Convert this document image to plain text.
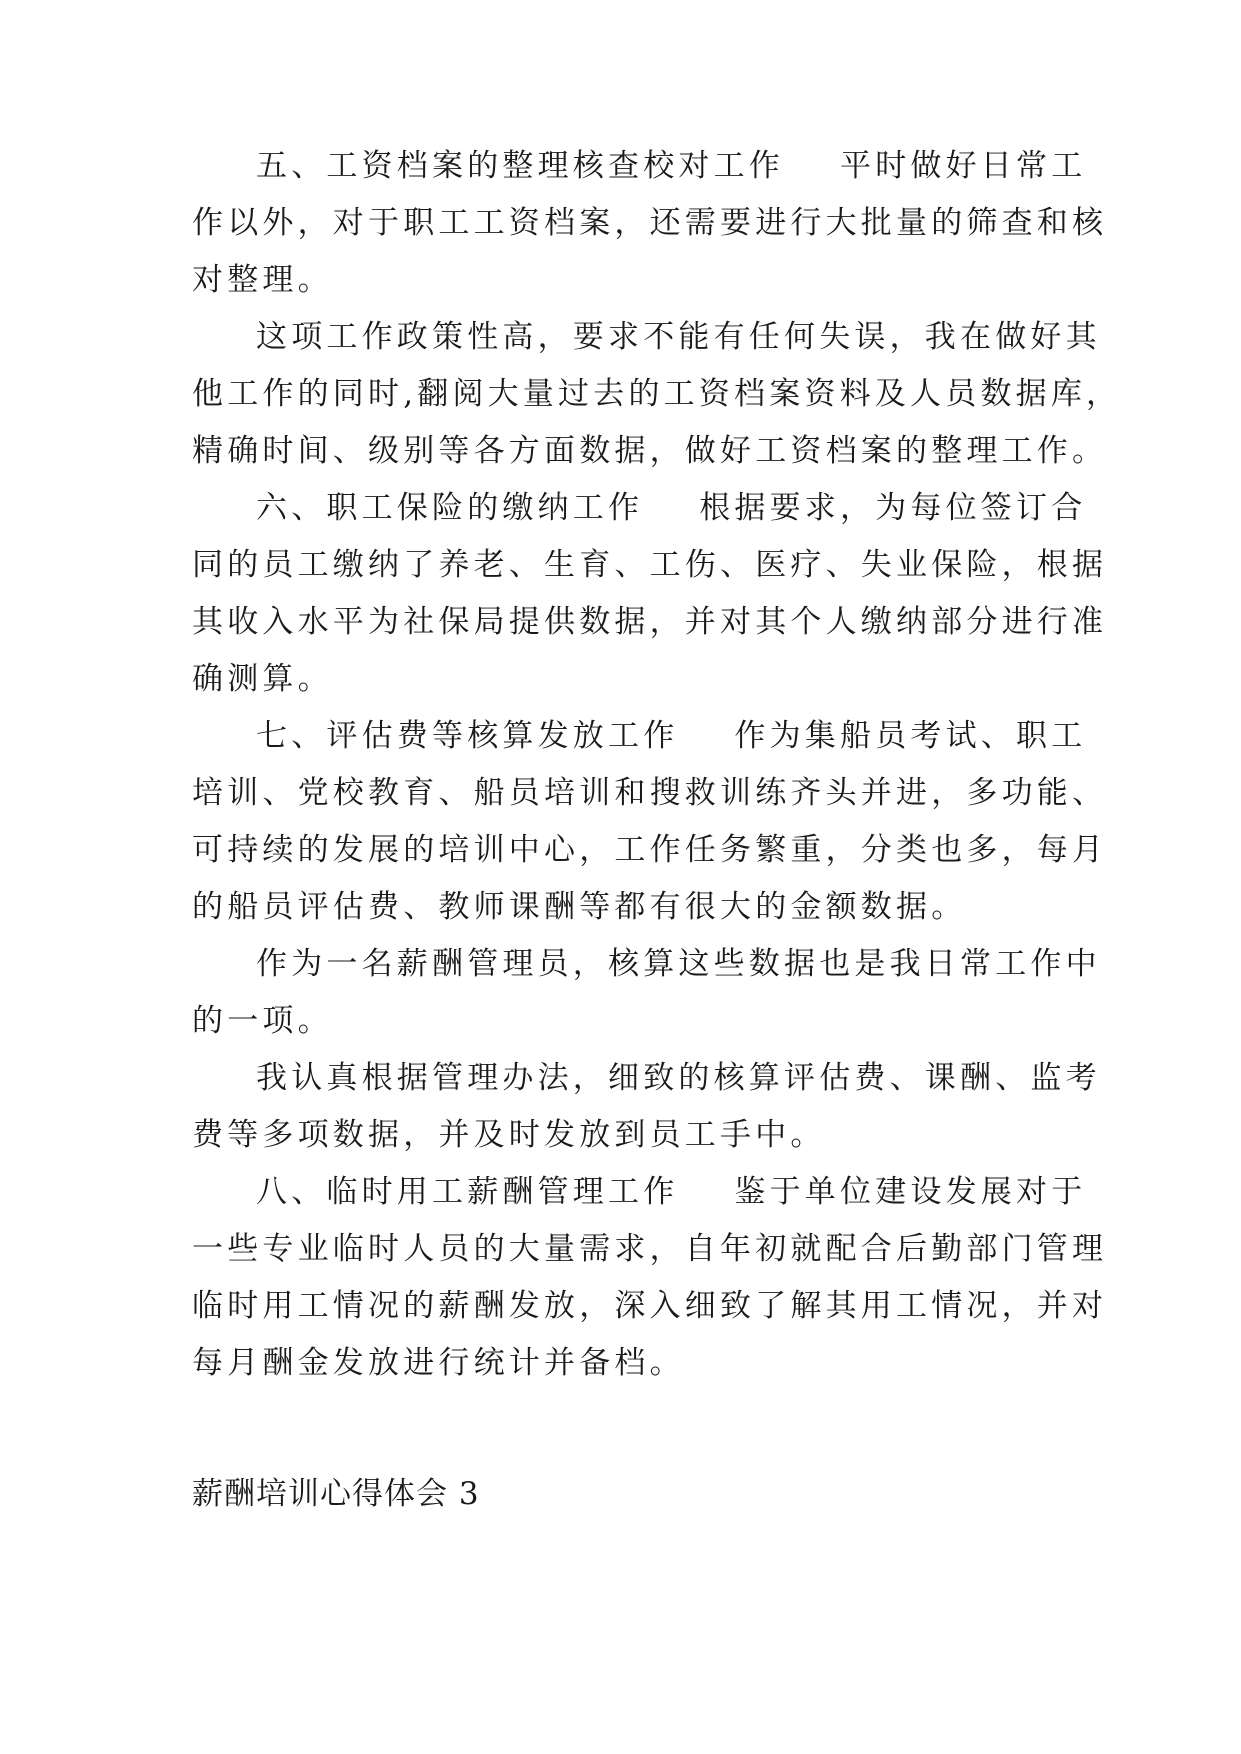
五、工资档案的整理核查校对工作 平时做好日常工
作以外，对于职工工资档案，还需要进行大批量的筛查和核
对整理。
这项工作政策性高，要求不能有任何失误，我在做好其
他工作的同时,翻阅大量过去的工资档案资料及人员数据库，
精确时间、级别等各方面数据，做好工资档案的整理工作。
六、职工保险的缴纳工作 根据要求，为每位签订合
同的员工缴纳了养老、生育、工伤、医疗、失业保险，根据
其收入水平为社保局提供数据，并对其个人缴纳部分进行准
确测算。
七、评估费等核算发放工作 作为集船员考试、职工
培训、党校教育、船员培训和搜救训练齐头并进，多功能、
可持续的发展的培训中心，工作任务繁重，分类也多，每月
的船员评估费、教师课酬等都有很大的金额数据。
作为一名薪酬管理员，核算这些数据也是我日常工作中
的一项。
我认真根据管理办法，细致的核算评估费、课酬、监考
费等多项数据，并及时发放到员工手中。
八、临时用工薪酬管理工作 鉴于单位建设发展对于
一些专业临时人员的大量需求，自年初就配合后勤部门管理
临时用工情况的薪酬发放，深入细致了解其用工情况，并对
每月酬金发放进行统计并备档。
薪酬培训心得体会 3
